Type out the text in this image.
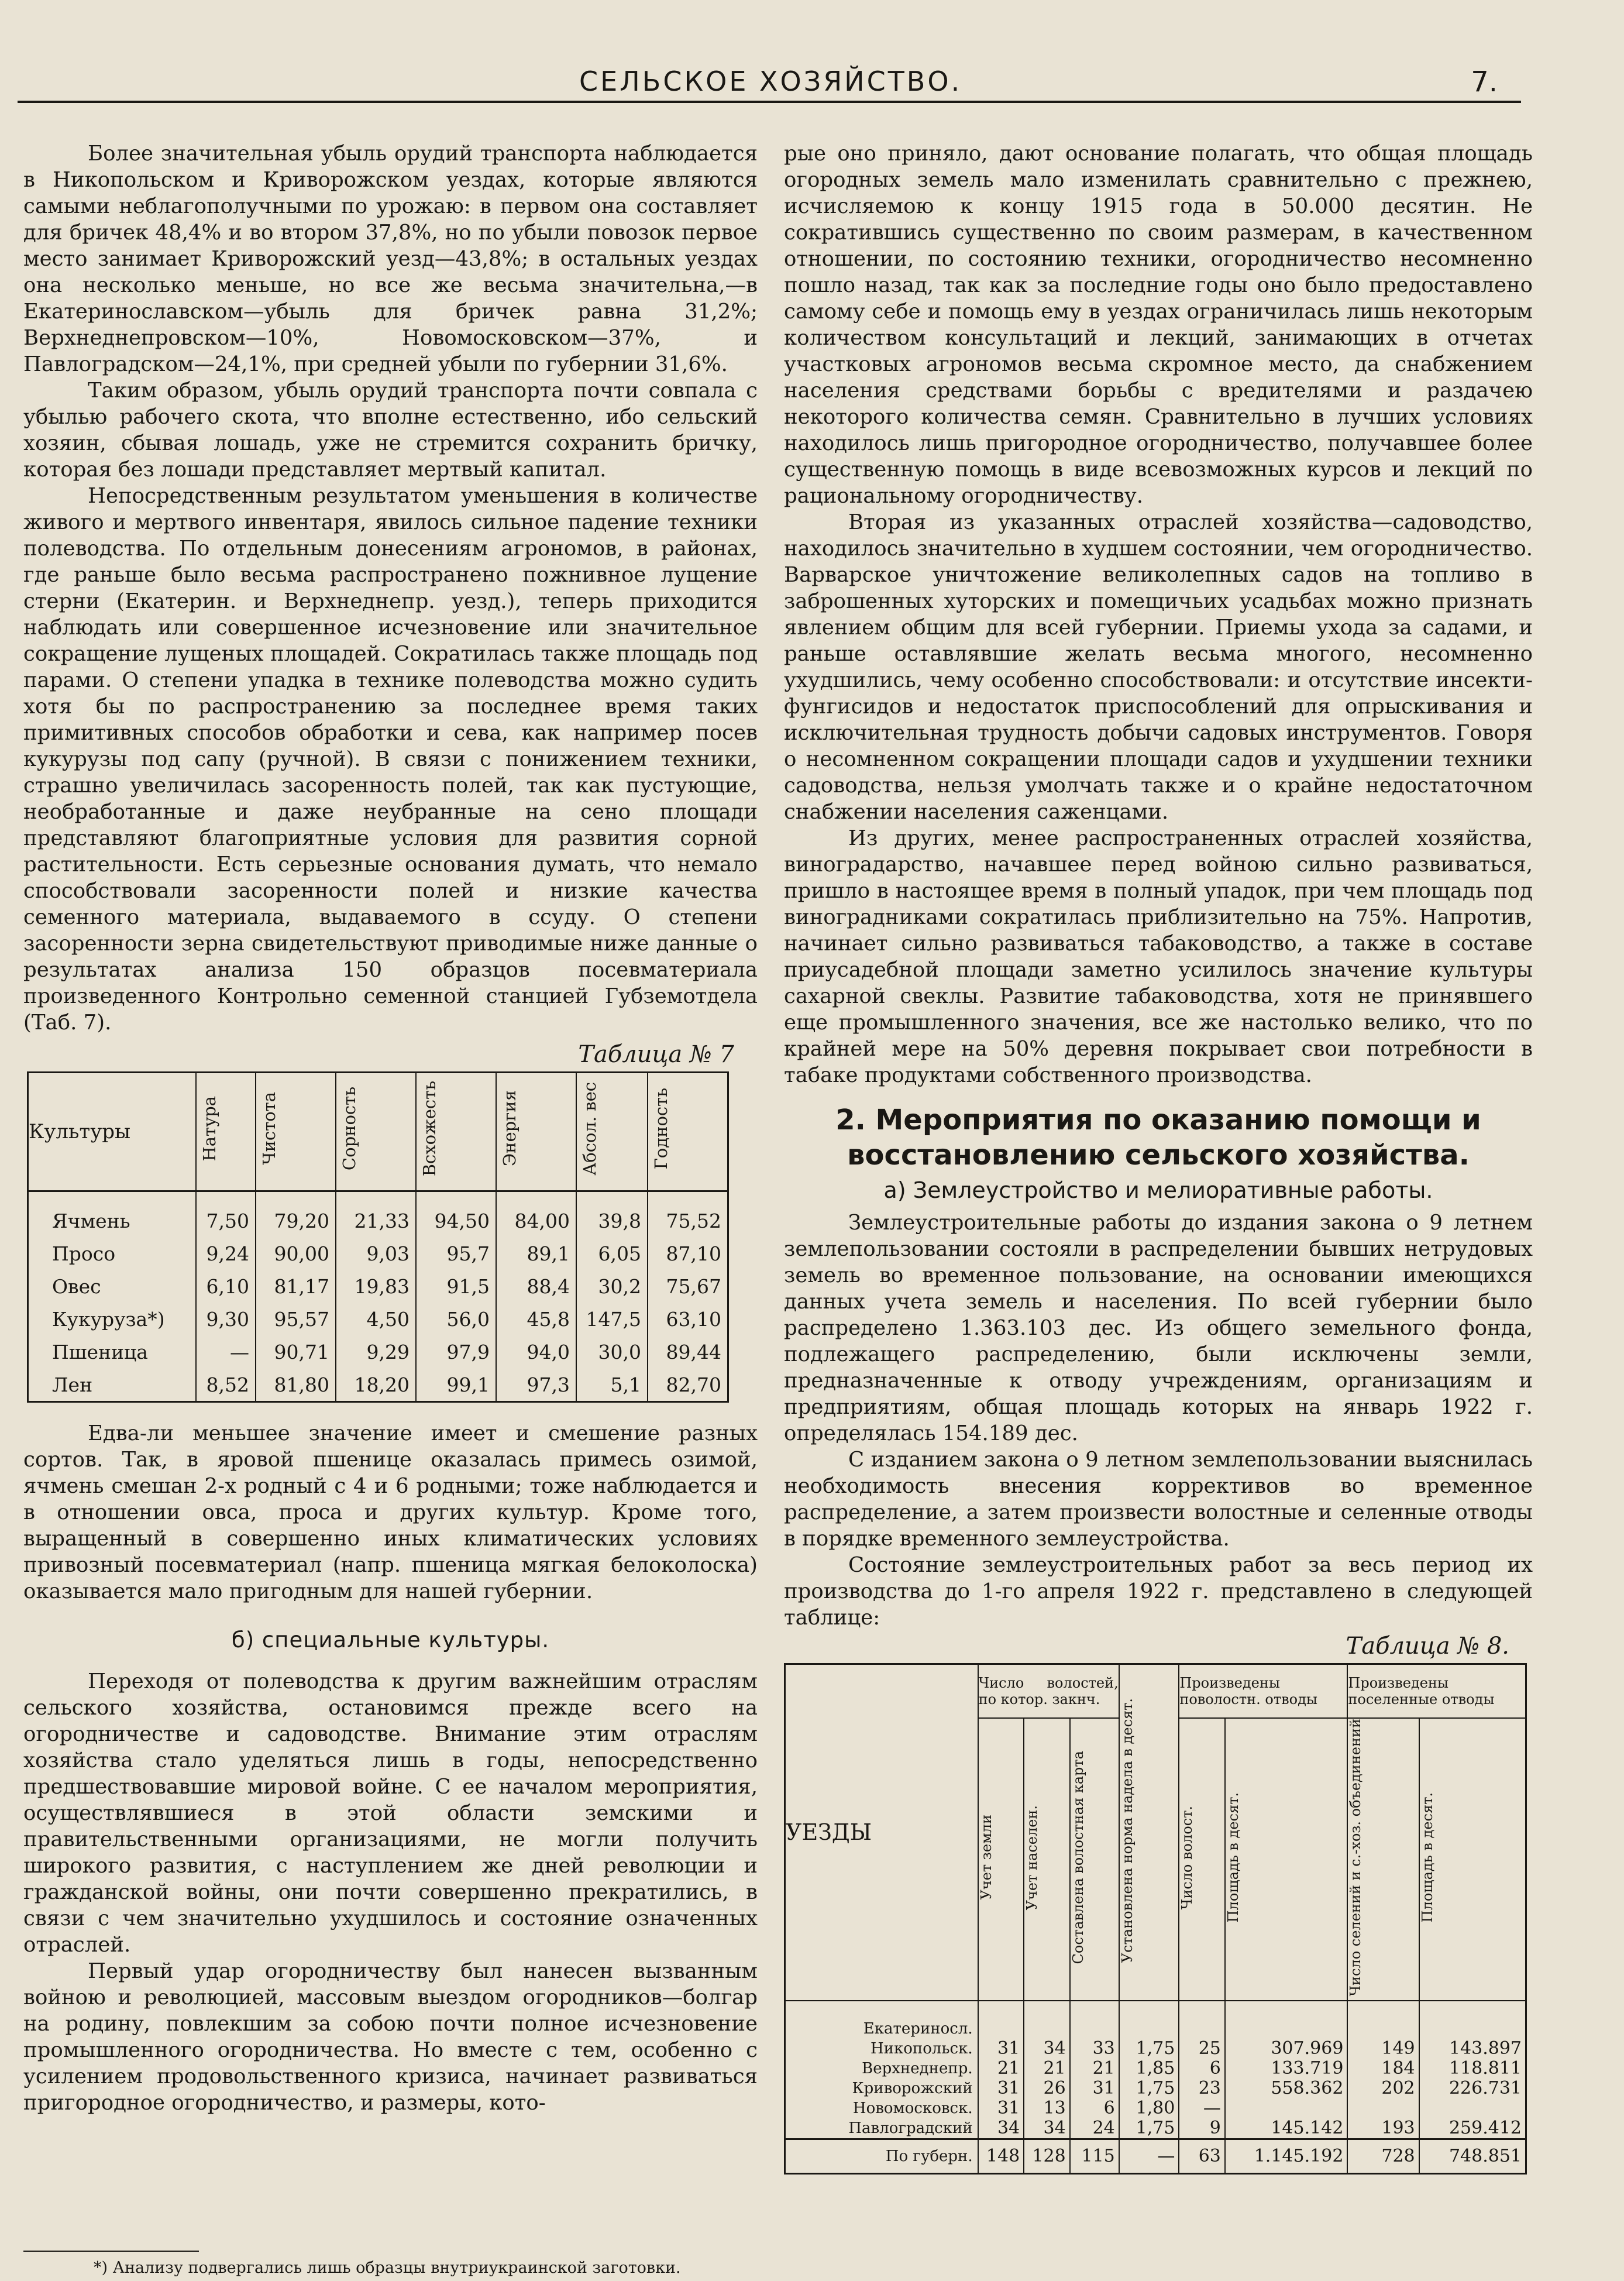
СЕЛЬСКОЕ ХОЗЯЙСТВО.	7.

Более значительная убыль орудий транспорта наблюдается в Никопольском и Криворожском уездах, которые являются самыми неблагополучными по урожаю: в первом она составляет для бричек 48,4% и во втором 37,8%, но по убыли повозок первое место занимает Криворожский уезд—43,8%; в остальных уездах она несколько меньше, но все же весьма значительна,—в Екатеринославском—убыль для бричек равна 31,2%; Верхнеднепровском—10%, Новомосковском—37%, и Павлоградском—24,1%, при средней убыли по губернии 31,6%.

Таким образом, убыль орудий транспорта почти совпала с убылью рабочего скота, что вполне естественно, ибо сельский хозяин, сбывая лошадь, уже не стремится сохранить бричку, которая без лошади представляет мертвый капитал.

Непосредственным результатом уменьшения в количестве живого и мертвого инвентаря, явилось сильное падение техники полеводства. По отдельным донесениям агрономов, в районах, где раньше было весьма распространено пожнивное лущение стерни (Екатерин. и Верхнеднепр. уезд.), теперь приходится наблюдать или совершенное исчезновение или значительное сокращение лущеных площадей. Сократилась также площадь под парами. О степени упадка в технике полеводства можно судить хотя бы по распространению за последнее время таких примитивных способов обработки и сева, как например посев кукурузы под сапу (ручной). В связи с понижением техники, страшно увеличилась засоренность полей, так как пустующие, необработанные и даже неубранные на сено площади представляют благоприятные условия для развития сорной растительности. Есть серьезные основания думать, что немало способствовали засоренности полей и низкие качества семенного материала, выдаваемого в ссуду. О степени засоренности зерна свидетельствуют приводимые ниже данные о результатах анализа 150 образцов посевматериала произведенного Контрольно семенной станцией Губземотдела (Таб. 7).

Таблица № 7
Культуры	Натура	Чистота	Сорность	Всхожесть	Энергия	Абсол. вес	Годность
Ячмень	7,50	79,20	21,33	94,50	84,00	39,8	75,52
Просо	9,24	90,00	9,03	95,7	89,1	6,05	87,10
Овес	6,10	81,17	19,83	91,5	88,4	30,2	75,67
Кукуруза*)	9,30	95,57	4,50	56,0	45,8	147,5	63,10
Пшеница	—	90,71	9,29	97,9	94,0	30,0	89,44
Лен	8,52	81,80	18,20	99,1	97,3	5,1	82,70

Едва-ли меньшее значение имеет и смешение разных сортов. Так, в яровой пшенице оказалась примесь озимой, ячмень смешан 2-х родный с 4 и 6 родными; тоже наблюдается и в отношении овса, проса и других культур. Кроме того, выращенный в совершенно иных климатических условиях привозный посевматериал (напр. пшеница мягкая белоколоска) оказывается мало пригодным для нашей губернии.

б) специальные культуры.

Переходя от полеводства к другим важнейшим отраслям сельского хозяйства, остановимся прежде всего на огородничестве и садоводстве. Внимание этим отраслям хозяйства стало уделяться лишь в годы, непосредственно предшествовавшие мировой войне. С ее началом мероприятия, осуществлявшиеся в этой области земскими и правительственными организациями, не могли получить широкого развития, с наступлением же дней революции и гражданской войны, они почти совершенно прекратились, в связи с чем значительно ухудшилось и состояние означенных отраслей.

Первый удар огородничеству был нанесен вызванным войною и революцией, массовым выездом огородников—болгар на родину, повлекшим за собою почти полное исчезновение промышленного огородничества. Но вместе с тем, особенно с усилением продовольственного кризиса, начинает развиваться пригородное огородничество, и размеры, кото-

*) Анализу подвергались лишь образцы внутриукраинской заготовки.

рые оно приняло, дают основание полагать, что общая площадь огородных земель мало изменилать сравнительно с прежнею, исчисляемою к концу 1915 года в 50.000 десятин. Не сократившись существенно по своим размерам, в качественном отношении, по состоянию техники, огородничество несомненно пошло назад, так как за последние годы оно было предоставлено самому себе и помощь ему в уездах ограничилась лишь некоторым количеством консультаций и лекций, занимающих в отчетах участковых агрономов весьма скромное место, да снабжением населения средствами борьбы с вредителями и раздачею некоторого количества семян. Сравнительно в лучших условиях находилось лишь пригородное огородничество, получавшее более существенную помощь в виде всевозможных курсов и лекций по рациональному огородничеству.

Вторая из указанных отраслей хозяйства—садоводство, находилось значительно в худшем состоянии, чем огородничество. Варварское уничтожение великолепных садов на топливо в заброшенных хуторских и помещичьих усадьбах можно признать явлением общим для всей губернии. Приемы ухода за садами, и раньше оставлявшие желать весьма многого, несомненно ухудшились, чему особенно способствовали: и отсутствие инсекти-фунгисидов и недостаток приспособлений для опрыскивания и исключительная трудность добычи садовых инструментов. Говоря о несомненном сокращении площади садов и ухудшении техники садоводства, нельзя умолчать также и о крайне недостаточном снабжении населения саженцами.

Из других, менее распространенных отраслей хозяйства, виноградарство, начавшее перед войною сильно развиваться, пришло в настоящее время в полный упадок, при чем площадь под виноградниками сократилась приблизительно на 75%. Напротив, начинает сильно развиваться табаководство, а также в составе приусадебной площади заметно усилилось значение культуры сахарной свеклы. Развитие табаководства, хотя не принявшего еще промышленного значения, все же настолько велико, что по крайней мере на 50% деревня покрывает свои потребности в табаке продуктами собственного производства.

2. Мероприятия по оказанию помощи и восстановлению сельского хозяйства.
а) Землеустройство и мелиоративные работы.

Землеустроительные работы до издания закона о 9 летнем землепользовании состояли в распределении бывших нетрудовых земель во временное пользование, на основании имеющихся данных учета земель и населения. По всей губернии было распределено 1.363.103 дес. Из общего земельного фонда, подлежащего распределению, были исключены земли, предназначенные к отводу учреждениям, организациям и предприятиям, общая площадь которых на январь 1922 г. определялась 154.189 дес.

С изданием закона о 9 летном землепользовании выяснилась необходимость внесения коррективов во временное распределение, а затем произвести волостные и селенные отводы в порядке временного землеустройства.

Состояние землеустроительных работ за весь период их производства до 1-го апреля 1922 г. представлено в следующей таблице:

Таблица № 8.
УЕЗДЫ	Число волостей, по котор. закнч.			Установлена норма надела в десят.	Произведены поволостн. отводы		Произведены поселенные отводы	
	Учет земли	Учет населен.	Составлена волостная карта		Число волост.	Площадь в десят.	Число селений и с.-хоз. объединений	Площадь в десят.
Екатериносл.								
Никопольск.	31	34	33	1,75	25	307.969	149	143.897
Верхнеднепр.	21	21	21	1,85	6	133.719	184	118.811
Криворожский	31	26	31	1,75	23	558.362	202	226.731
Новомосковск.	31	13	6	1,80	—			
Павлоградский	34	34	24	1,75	9	145.142	193	259.412
По губерн.	148	128	115	—	63	1.145.192	728	748.851
